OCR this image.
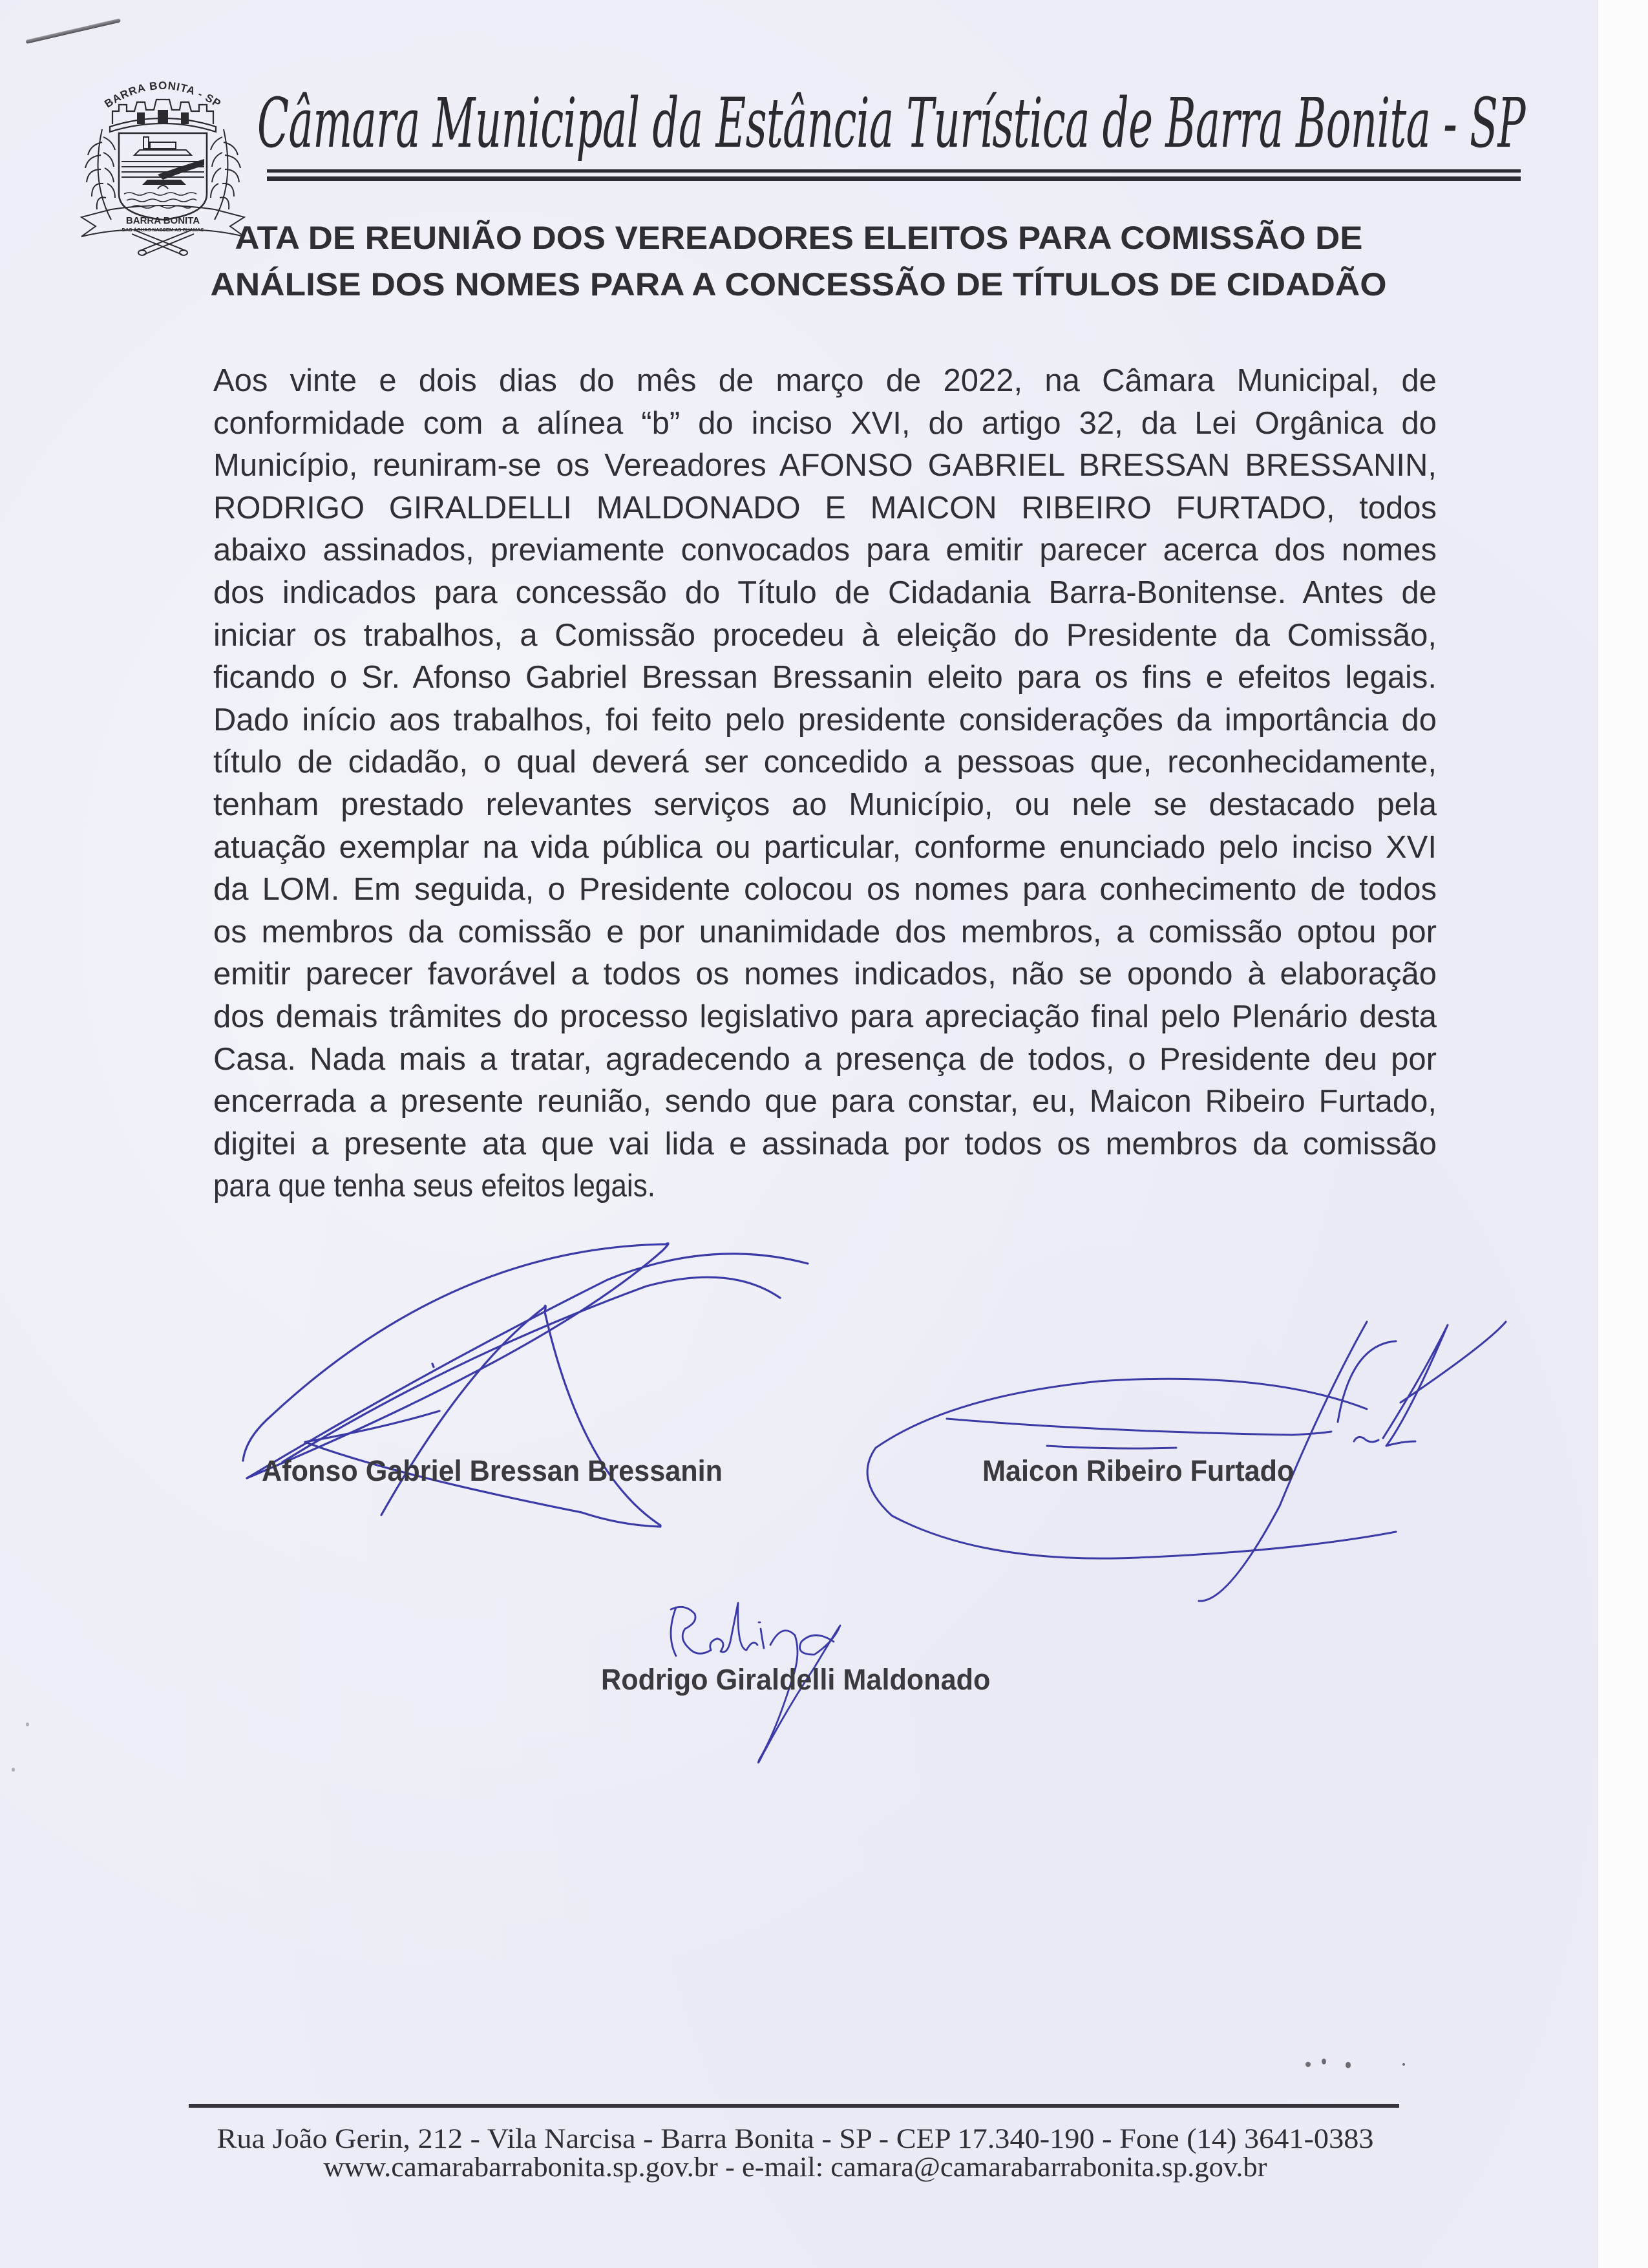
BARRA BONITA - SP
BARRA BONITA
DAS ÁGUAS NASCEM AS CHAMAS
Câmara Municipal da Estância Turística de Barra Bonita - SP
ATA DE REUNIÃO DOS VEREADORES ELEITOS PARA COMISSÃO DE
ANÁLISE DOS NOMES PARA A CONCESSÃO DE TÍTULOS DE CIDADÃO
Aos vinte e dois dias do mês de março de 2022, na Câmara Municipal, de
conformidade com a alínea “b” do inciso XVI, do artigo 32, da Lei Orgânica do
Município, reuniram-se os Vereadores AFONSO GABRIEL BRESSAN BRESSANIN,
RODRIGO GIRALDELLI MALDONADO E MAICON RIBEIRO FURTADO, todos
abaixo assinados, previamente convocados para emitir parecer acerca dos nomes
dos indicados para concessão do Título de Cidadania Barra-Bonitense. Antes de
iniciar os trabalhos, a Comissão procedeu à eleição do Presidente da Comissão,
ficando o Sr. Afonso Gabriel Bressan Bressanin eleito para os fins e efeitos legais.
Dado início aos trabalhos, foi feito pelo presidente considerações da importância do
título de cidadão, o qual deverá ser concedido a pessoas que, reconhecidamente,
tenham prestado relevantes serviços ao Município, ou nele se destacado pela
atuação exemplar na vida pública ou particular, conforme enunciado pelo inciso XVI
da LOM. Em seguida, o Presidente colocou os nomes para conhecimento de todos
os membros da comissão e por unanimidade dos membros, a comissão optou por
emitir parecer favorável a todos os nomes indicados, não se opondo à elaboração
dos demais trâmites do processo legislativo para apreciação final pelo Plenário desta
Casa. Nada mais a tratar, agradecendo a presença de todos, o Presidente deu por
encerrada a presente reunião, sendo que para constar, eu, Maicon Ribeiro Furtado,
digitei a presente ata que vai lida e assinada por todos os membros da comissão
para que tenha seus efeitos legais.
Afonso Gabriel Bressan Bressanin	Maicon Ribeiro Furtado
Rodrigo Giraldelli Maldonado
Rua João Gerin, 212 - Vila Narcisa - Barra Bonita - SP - CEP 17.340-190 - Fone (14) 3641-0383
www.camarabarrabonita.sp.gov.br - e-mail: camara@camarabarrabonita.sp.gov.br
